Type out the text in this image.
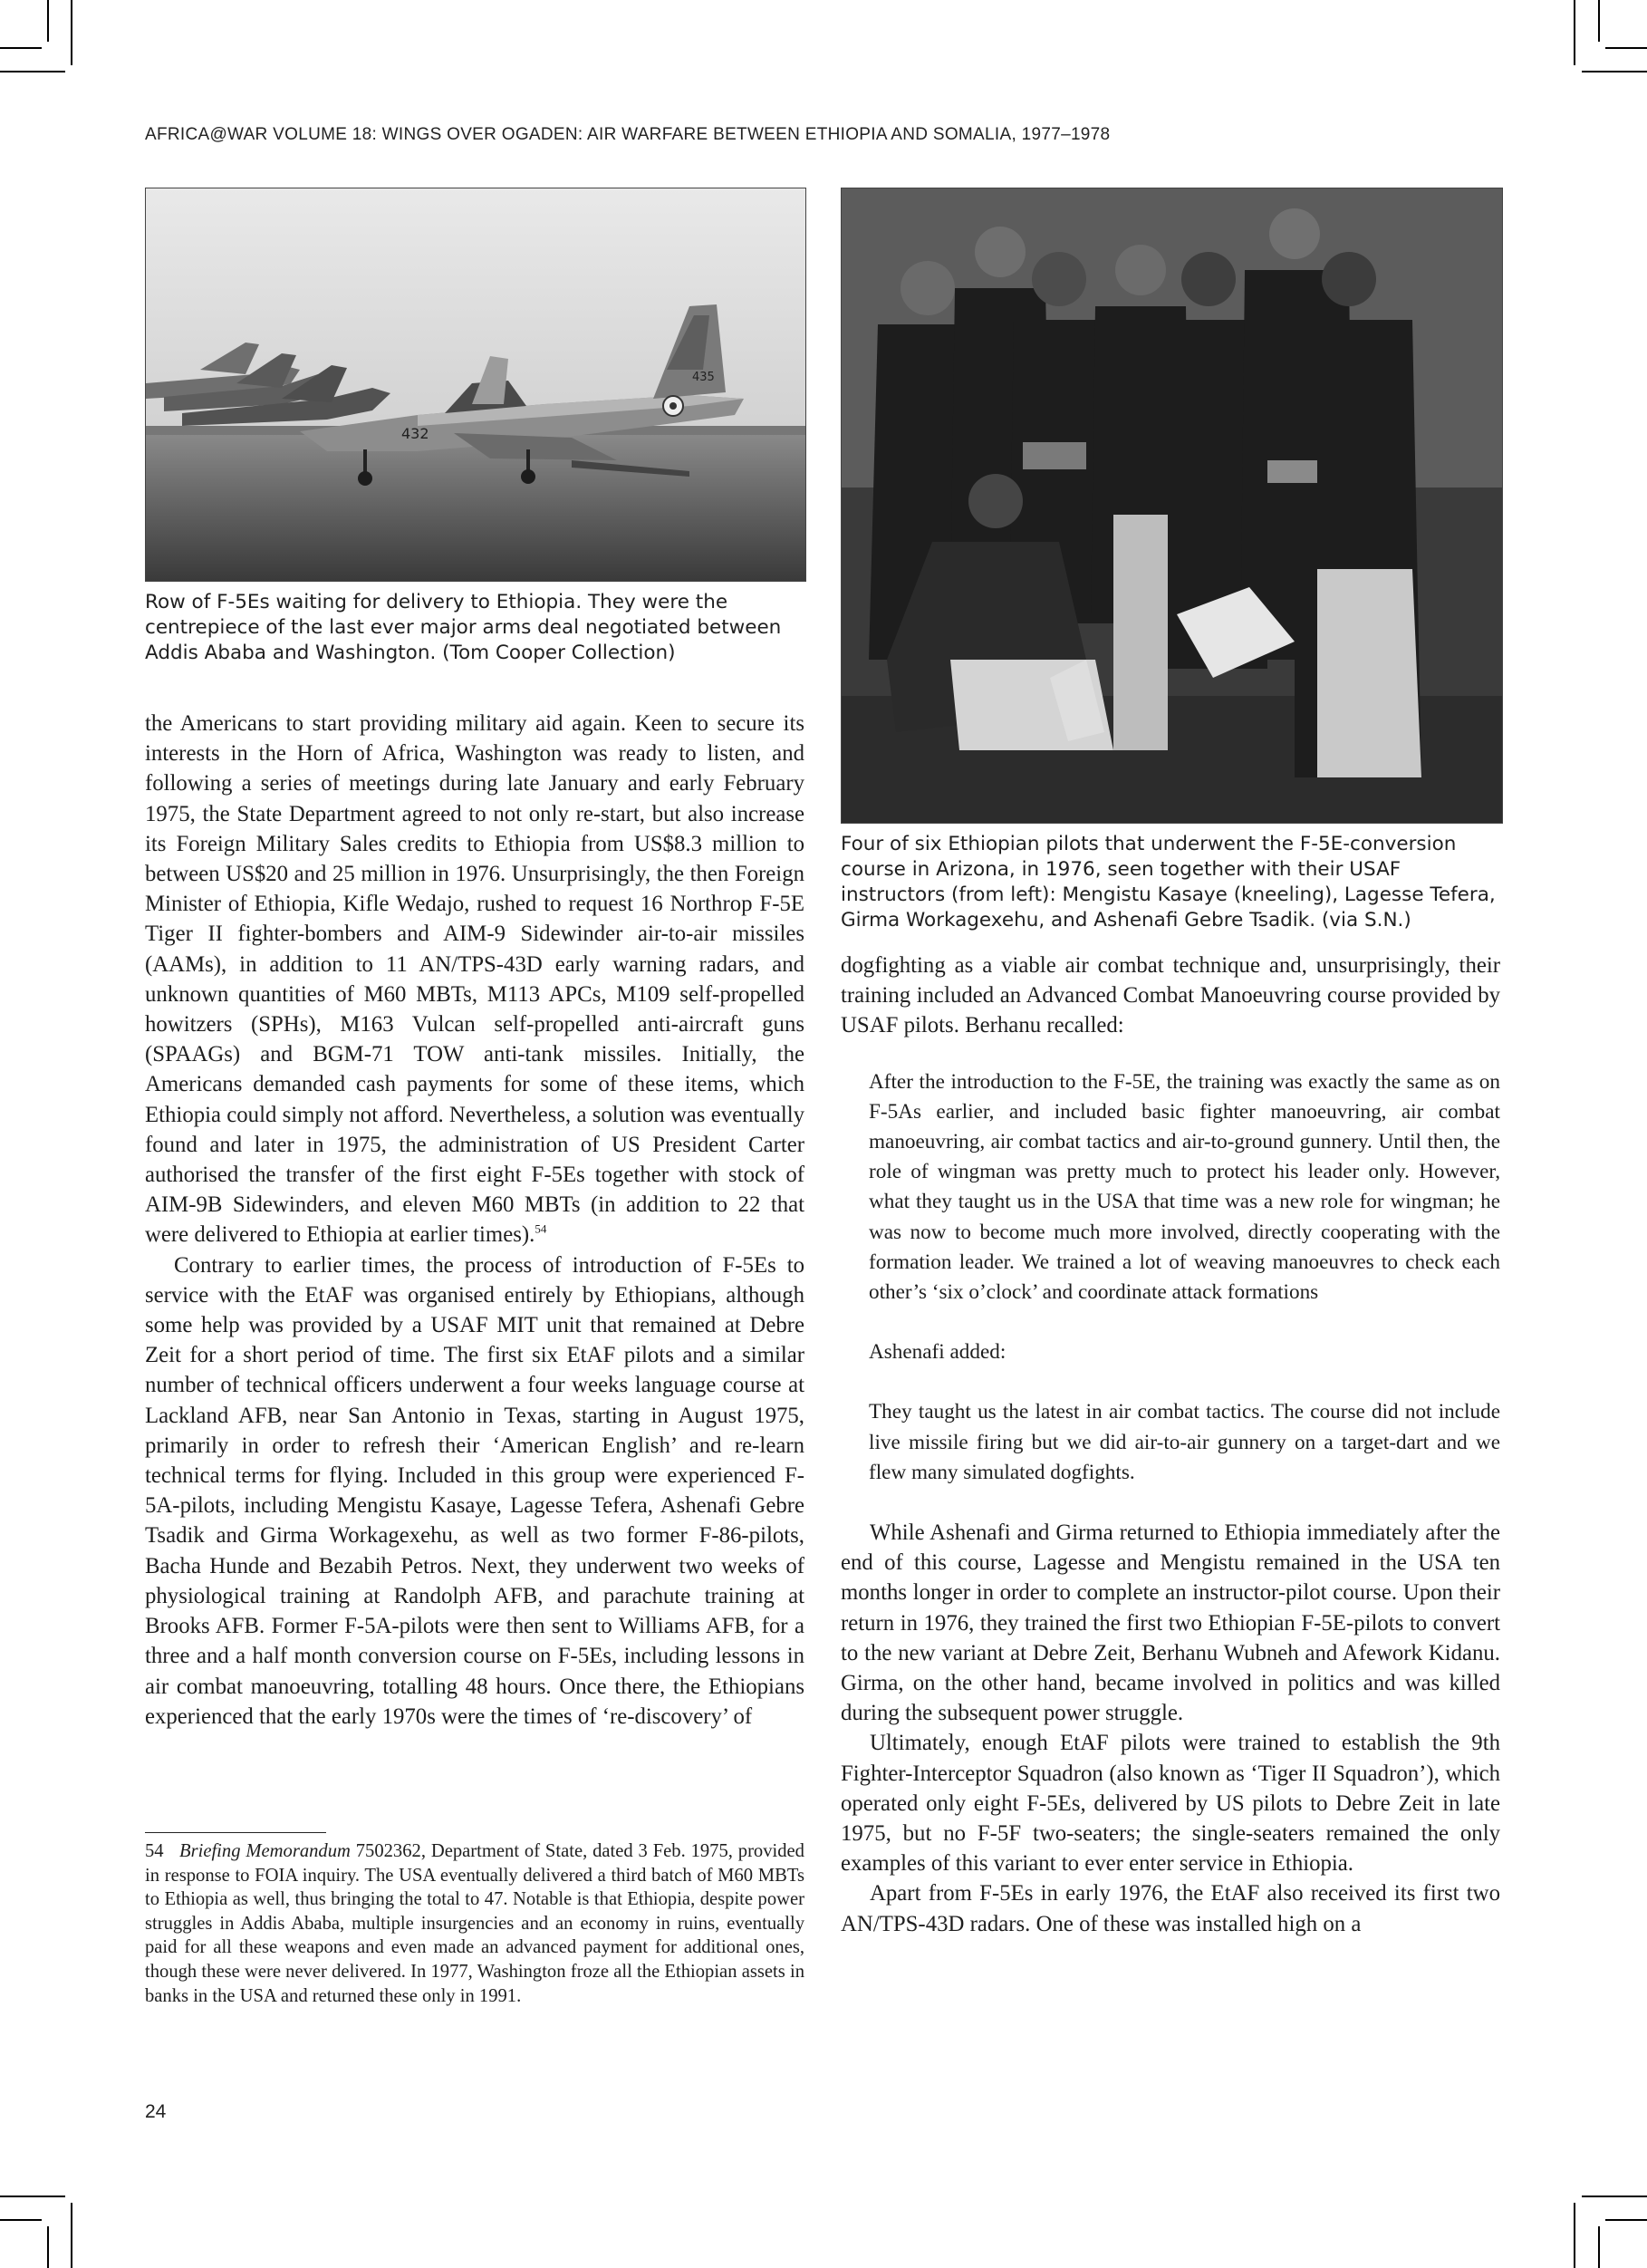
AFRICA@WAR VOLUME 18: WINGS OVER OGADEN: AIR WARFARE BETWEEN ETHIOPIA AND SOMALIA, 1977–1978
435
432
Row of F-5Es waiting for delivery to Ethiopia. They were the centrepiece of the last ever major arms deal negotiated between Addis Ababa and Washington. (Tom Cooper Collection)
Four of six Ethiopian pilots that underwent the F-5E-conversion course in Arizona, in 1976, seen together with their USAF instructors (from left): Mengistu Kasaye (kneeling), Lagesse Tefera, Girma Workagexehu, and Ashenafi Gebre Tsadik. (via S.N.)

the Americans to start providing military aid again. Keen to secure its interests in the Horn of Africa, Washington was ready to listen, and following a series of meetings during late January and early February 1975, the State Department agreed to not only re-start, but also increase its Foreign Military Sales credits to Ethiopia from US$8.3 million to between US$20 and 25 million in 1976. Unsurprisingly, the then Foreign Minister of Ethiopia, Kifle Wedajo, rushed to request 16 Northrop F-5E Tiger II fighter-bombers and AIM-9 Sidewinder air-to-air missiles (AAMs), in addition to 11 AN/TPS-43D early warning radars, and unknown quantities of M60 MBTs, M113 APCs, M109 self-propelled howitzers (SPHs), M163 Vulcan self-propelled anti-aircraft guns (SPAAGs) and BGM-71 TOW anti-tank missiles. Initially, the Americans demanded cash payments for some of these items, which Ethiopia could simply not afford. Nevertheless, a solution was eventually found and later in 1975, the administration of US President Carter authorised the transfer of the first eight F-5Es together with stock of AIM-9B Sidewinders, and eleven M60 MBTs (in addition to 22 that were delivered to Ethiopia at earlier times).$^{54}$

Contrary to earlier times, the process of introduction of F-5Es to service with the EtAF was organised entirely by Ethiopians, although some help was provided by a USAF MIT unit that remained at Debre Zeit for a short period of time. The first six EtAF pilots and a similar number of technical officers underwent a four weeks language course at Lackland AFB, near San Antonio in Texas, starting in August 1975, primarily in order to refresh their ‘American English’ and re-learn technical terms for flying. Included in this group were experienced F-5A-pilots, including Mengistu Kasaye, Lagesse Tefera, Ashenafi Gebre Tsadik and Girma Workagexehu, as well as two former F-86-pilots, Bacha Hunde and Bezabih Petros. Next, they underwent two weeks of physiological training at Randolph AFB, and parachute training at Brooks AFB. Former F-5A-pilots were then sent to Williams AFB, for a three and a half month conversion course on F-5Es, including lessons in air combat manoeuvring, totalling 48 hours. Once there, the Ethiopians experienced that the early 1970s were the times of ‘re-discovery’ of

54 Briefing Memorandum 7502362, Department of State, dated 3 Feb. 1975, provided in response to FOIA inquiry. The USA eventually delivered a third batch of M60 MBTs to Ethiopia as well, thus bringing the total to 47. Notable is that Ethiopia, despite power struggles in Addis Ababa, multiple insurgencies and an economy in ruins, eventually paid for all these weapons and even made an advanced payment for additional ones, though these were never delivered. In 1977, Washington froze all the Ethiopian assets in banks in the USA and returned these only in 1991.

dogfighting as a viable air combat technique and, unsurprisingly, their training included an Advanced Combat Manoeuvring course provided by USAF pilots. Berhanu recalled:

After the introduction to the F-5E, the training was exactly the same as on F-5As earlier, and included basic fighter manoeuvring, air combat manoeuvring, air combat tactics and air-to-ground gunnery. Until then, the role of wingman was pretty much to protect his leader only. However, what they taught us in the USA that time was a new role for wingman; he was now to become much more involved, directly cooperating with the formation leader. We trained a lot of weaving manoeuvres to check each other’s ‘six o’clock’ and coordinate attack formations

Ashenafi added:

They taught us the latest in air combat tactics. The course did not include live missile firing but we did air-to-air gunnery on a target-dart and we flew many simulated dogfights.

While Ashenafi and Girma returned to Ethiopia immediately after the end of this course, Lagesse and Mengistu remained in the USA ten months longer in order to complete an instructor-pilot course. Upon their return in 1976, they trained the first two Ethiopian F-5E-pilots to convert to the new variant at Debre Zeit, Berhanu Wubneh and Afework Kidanu. Girma, on the other hand, became involved in politics and was killed during the subsequent power struggle.

Ultimately, enough EtAF pilots were trained to establish the 9th Fighter-Interceptor Squadron (also known as ‘Tiger II Squadron’), which operated only eight F-5Es, delivered by US pilots to Debre Zeit in late 1975, but no F-5F two-seaters; the single-seaters remained the only examples of this variant to ever enter service in Ethiopia.

Apart from F-5Es in early 1976, the EtAF also received its first two AN/TPS-43D radars. One of these was installed high on a

24
